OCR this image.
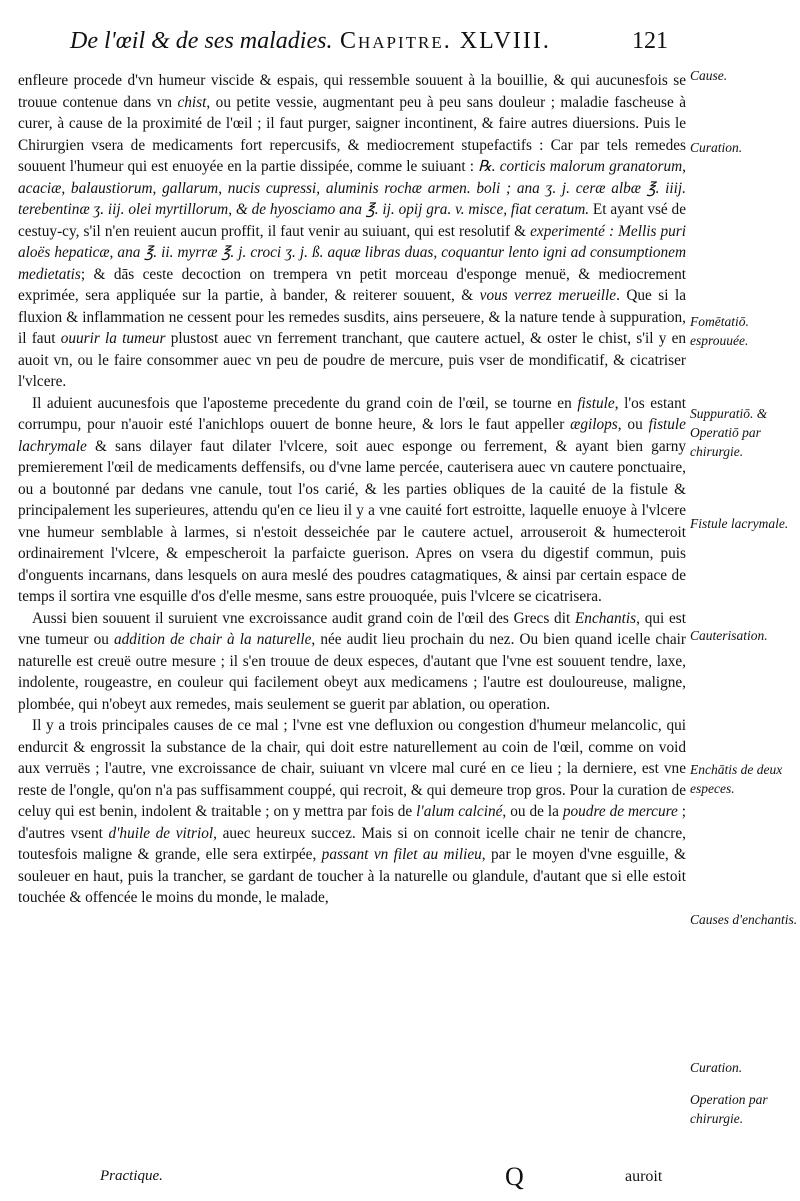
De l'œil & de ses maladies. Chapitre. XLVIII.	121

enfleure procede d'vn humeur viscide & espais, qui ressemble souuent à la bouillie, & qui aucunesfois se trouue contenue dans vn chist, ou petite vessie, augmentant peu à peu sans douleur ; maladie fascheuse à curer, à cause de la proximité de l'œil ; il faut purger, saigner incontinent, & faire autres diuersions. Puis le Chirurgien vsera de medicaments fort repercusifs, & mediocrement stupefactifs : Car par tels remedes souuent l'humeur qui est enuoyée en la partie dissipée, comme le suiuant : ℞. corticis malorum granatorum, acaciæ, balaustiorum, gallarum, nucis cupressi, aluminis rochæ armen. boli ; ana ʒ. j. ceræ albæ ℥. iiij. terebentinæ ʒ. iij. olei myrtillorum, & de hyosciamo ana ℥. ij. opij gra. v. misce, fiat ceratum. Et ayant vsé de cestuy-cy, s'il n'en reuient aucun proffit, il faut venir au suiuant, qui est resolutif & experimenté : Mellis puri aloës hepaticæ, ana ℥. ii. myrræ ℥. j. croci ʒ. j. ß. aquæ libras duas, coquantur lento igni ad consumptionem medietatis; & dās ceste decoction on trempera vn petit morceau d'esponge menuë, & mediocrement exprimée, sera appliquée sur la partie, à bander, & reiterer souuent, & vous verrez merueille. Que si la fluxion & inflammation ne cessent pour les remedes susdits, ains perseuere, & la nature tende à suppuration, il faut ouurir la tumeur plustost auec vn ferrement tranchant, que cautere actuel, & oster le chist, s'il y en auoit vn, ou le faire consommer auec vn peu de poudre de mercure, puis vser de mondificatif, & cicatriser l'vlcere.

Il aduient aucunesfois que l'aposteme precedente du grand coin de l'œil, se tourne en fistule, l'os estant corrumpu, pour n'auoir esté l'anichlops ouuert de bonne heure, & lors le faut appeller ægilops, ou fistule lachrymale & sans dilayer faut dilater l'vlcere, soit auec esponge ou ferrement, & ayant bien garny premierement l'œil de medicaments deffensifs, ou d'vne lame percée, cauterisera auec vn cautere ponctuaire, ou a boutonné par dedans vne canule, tout l'os carié, & les parties obliques de la cauité de la fistule & principalement les superieures, attendu qu'en ce lieu il y a vne cauité fort estroitte, laquelle enuoye à l'vlcere vne humeur semblable à larmes, si n'estoit desseichée par le cautere actuel, arrouseroit & humecteroit ordinairement l'vlcere, & empescheroit la parfaicte guerison. Apres on vsera du digestif commun, puis d'onguents incarnans, dans lesquels on aura meslé des poudres catagmatiques, & ainsi par certain espace de temps il sortira vne esquille d'os d'elle mesme, sans estre prouoquée, puis l'vlcere se cicatrisera.

Aussi bien souuent il suruient vne excroissance audit grand coin de l'œil des Grecs dit Enchantis, qui est vne tumeur ou addition de chair à la naturelle, née audit lieu prochain du nez. Ou bien quand icelle chair naturelle est creuë outre mesure ; il s'en trouue de deux especes, d'autant que l'vne est souuent tendre, laxe, indolente, rougeastre, en couleur qui facilement obeyt aux medicamens ; l'autre est douloureuse, maligne, plombée, qui n'obeyt aux remedes, mais seulement se guerit par ablation, ou operation.

Il y a trois principales causes de ce mal ; l'vne est vne defluxion ou congestion d'humeur melancolic, qui endurcit & engrossit la substance de la chair, qui doit estre naturellement au coin de l'œil, comme on void aux verruës ; l'autre, vne excroissance de chair, suiuant vn vlcere mal curé en ce lieu ; la derniere, est vne reste de l'ongle, qu'on n'a pas suffisamment couppé, qui recroit, & qui demeure trop gros. Pour la curation de celuy qui est benin, indolent & traitable ; on y mettra par fois de l'alum calciné, ou de la poudre de mercure ; d'autres vsent d'huile de vitriol, auec heureux succez. Mais si on connoit icelle chair ne tenir de chancre, toutesfois maligne & grande, elle sera extirpée, passant vn filet au milieu, par le moyen d'vne esguille, & souleuer en haut, puis la trancher, se gardant de toucher à la naturelle ou glandule, d'autant que si elle estoit touchée & offencée le moins du monde, le malade,

Cause.
Curation.
Fomētatiō. esprouuée.
Suppuratiō. & Operatiō par chirurgie.
Fistule lacrymale.
Cauterisation.
Enchātis de deux especes.
Causes d'enchantis.
Curation.
Operation par chirurgie.
Practique.	Q	auroit
